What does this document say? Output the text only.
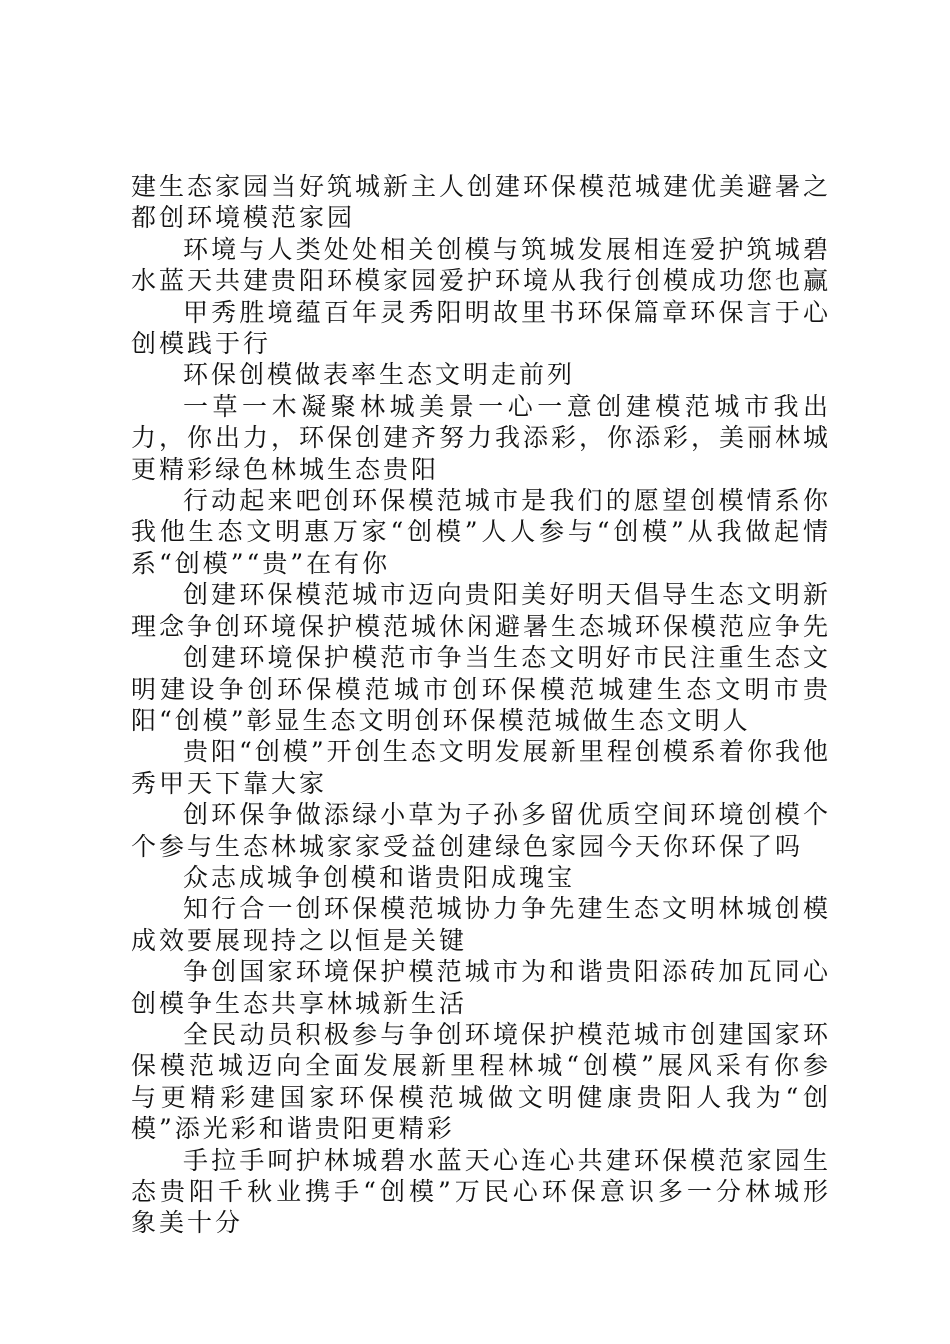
建生态家园当好筑城新主人创建环保模范城建优美避暑之都创环境模范家园

环境与人类处处相关创模与筑城发展相连爱护筑城碧水蓝天共建贵阳环模家园爱护环境从我行创模成功您也赢

甲秀胜境蕴百年灵秀阳明故里书环保篇章环保言于心创模践于行

环保创模做表率生态文明走前列

一草一木凝聚林城美景一心一意创建模范城市我出力，你出力，环保创建齐努力我添彩，你添彩，美丽林城更精彩绿色林城生态贵阳

行动起来吧创环保模范城市是我们的愿望创模情系你我他生态文明惠万家“创模”人人参与“创模”从我做起情系“创模”“贵”在有你

创建环保模范城市迈向贵阳美好明天倡导生态文明新理念争创环境保护模范城休闲避暑生态城环保模范应争先

创建环境保护模范市争当生态文明好市民注重生态文明建设争创环保模范城市创环保模范城建生态文明市贵阳“创模”彰显生态文明创环保模范城做生态文明人

贵阳“创模”开创生态文明发展新里程创模系着你我他秀甲天下靠大家

创环保争做添绿小草为子孙多留优质空间环境创模个个参与生态林城家家受益创建绿色家园今天你环保了吗

众志成城争创模和谐贵阳成瑰宝

知行合一创环保模范城协力争先建生态文明林城创模成效要展现持之以恒是关键

争创国家环境保护模范城市为和谐贵阳添砖加瓦同心创模争生态共享林城新生活

全民动员积极参与争创环境保护模范城市创建国家环保模范城迈向全面发展新里程林城“创模”展风采有你参与更精彩建国家环保模范城做文明健康贵阳人我为“创模”添光彩和谐贵阳更精彩

手拉手呵护林城碧水蓝天心连心共建环保模范家园生态贵阳千秋业携手“创模”万民心环保意识多一分林城形象美十分
